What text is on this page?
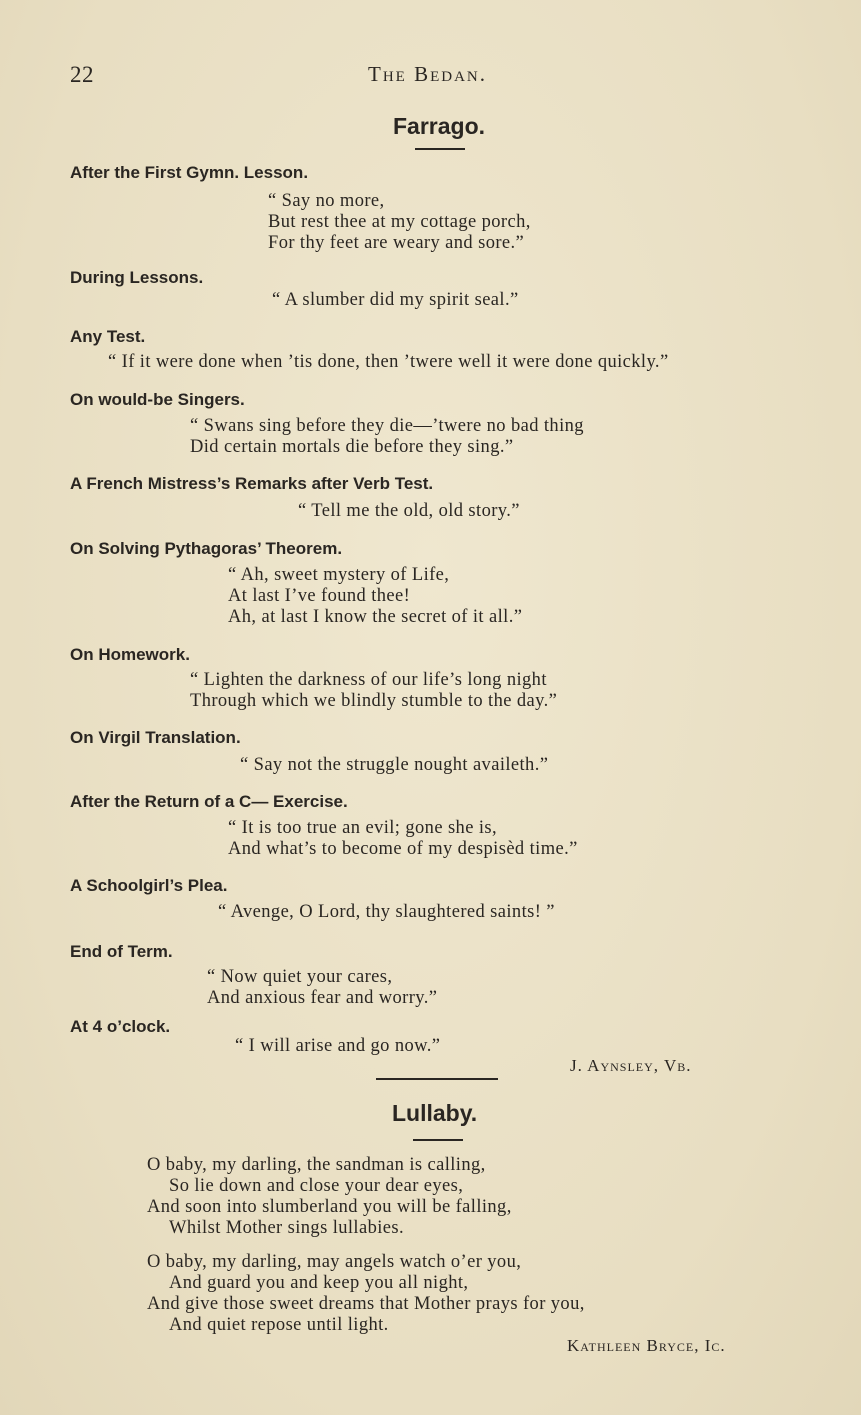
22	The Bedan.
Farrago.
After the First Gymn. Lesson.
“ Say no more,
But rest thee at my cottage porch,
For thy feet are weary and sore.”
During Lessons.
“ A slumber did my spirit seal.”
Any Test.
“ If it were done when ’tis done, then ’twere well it were done quickly.”
On would-be Singers.
“ Swans sing before they die—’twere no bad thing
Did certain mortals die before they sing.”
A French Mistress’s Remarks after Verb Test.
“ Tell me the old, old story.”
On Solving Pythagoras’ Theorem.
“ Ah, sweet mystery of Life,
At last I’ve found thee!
Ah, at last I know the secret of it all.”
On Homework.
“ Lighten the darkness of our life’s long night
Through which we blindly stumble to the day.”
On Virgil Translation.
“ Say not the struggle nought availeth.”
After the Return of a C— Exercise.
“ It is too true an evil; gone she is,
And what’s to become of my despisèd time.”
A Schoolgirl’s Plea.
“ Avenge, O Lord, thy slaughtered saints! ”
End of Term.
“ Now quiet your cares,
And anxious fear and worry.”
At 4 o’clock.
“ I will arise and go now.”
J. Aynsley, Vb.
Lullaby.
O baby, my darling, the sandman is calling,
So lie down and close your dear eyes,
And soon into slumberland you will be falling,
Whilst Mother sings lullabies.
O baby, my darling, may angels watch o’er you,
And guard you and keep you all night,
And give those sweet dreams that Mother prays for you,
And quiet repose until light.
Kathleen Bryce, Ic.
